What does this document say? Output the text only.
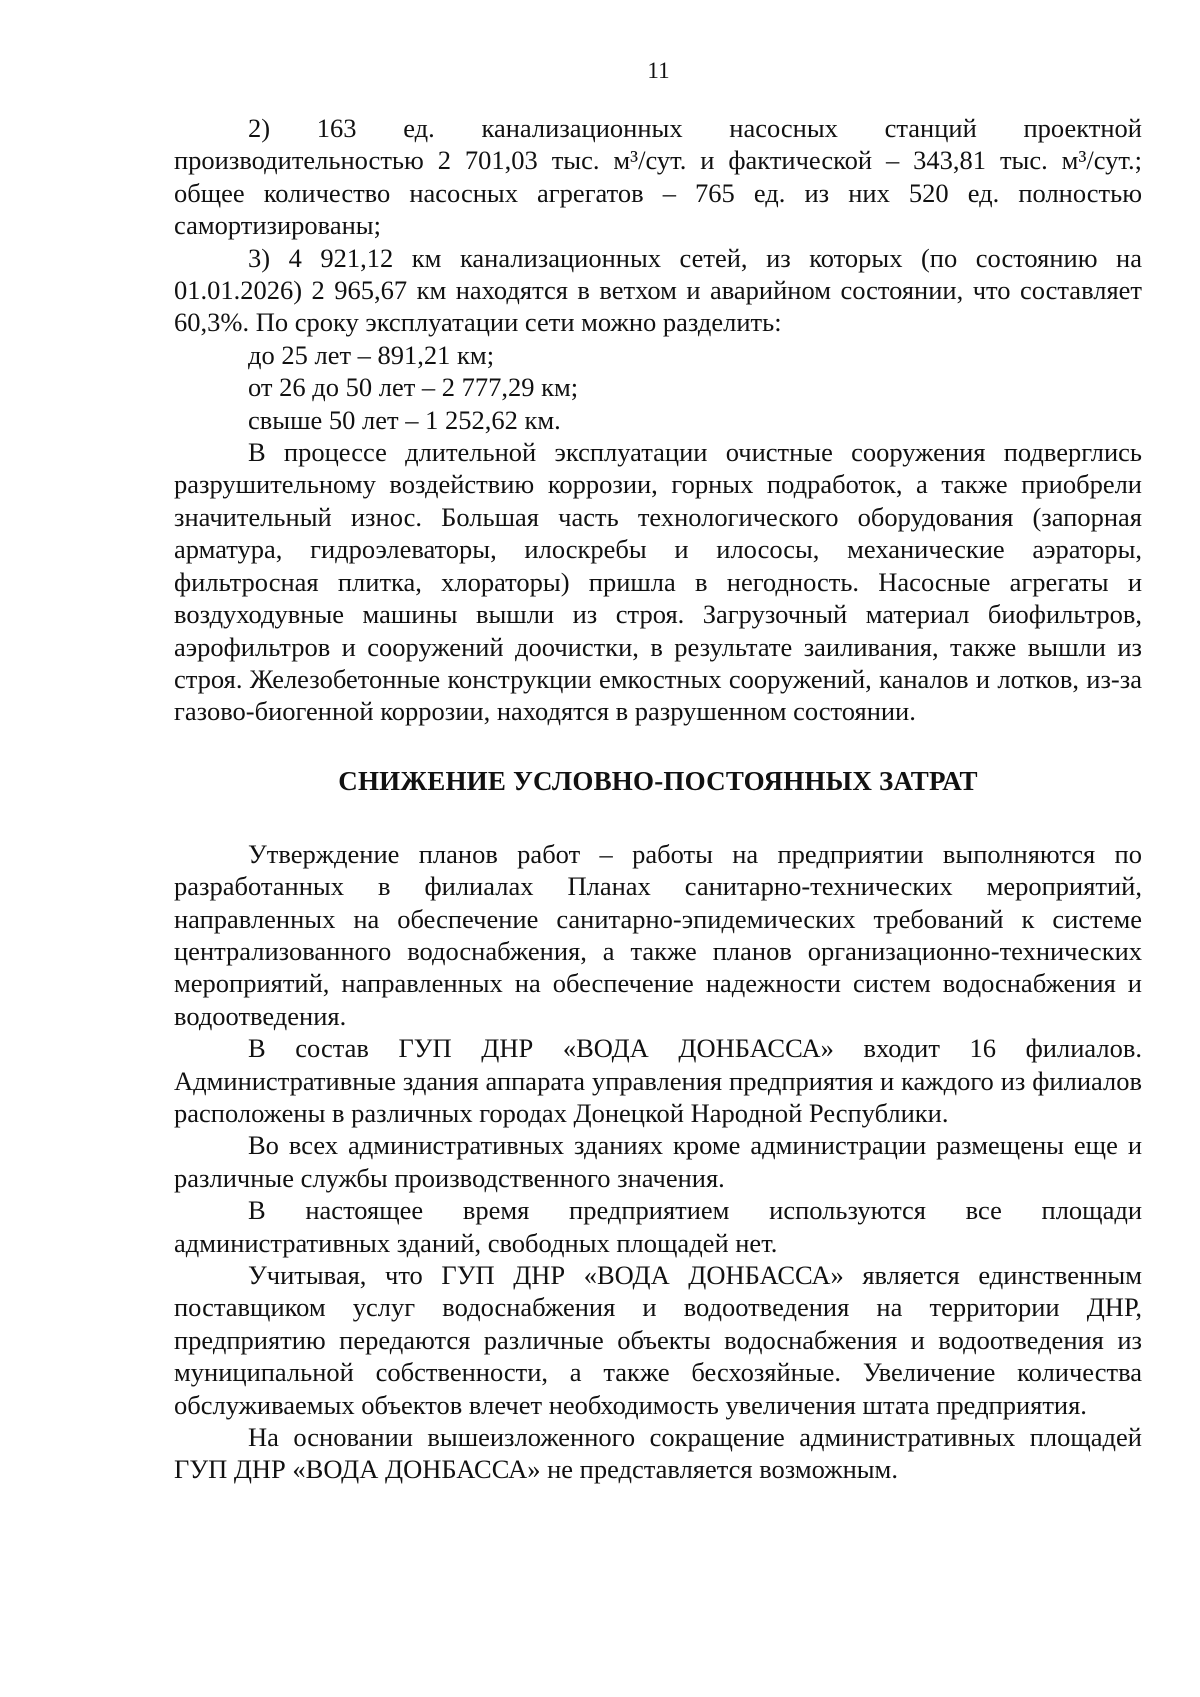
11

2) 163 ед. канализационных насосных станций проектной производительностью 2 701,03 тыс. м³/сут. и фактической – 343,81 тыс. м³/сут.; общее количество насосных агрегатов – 765 ед. из них 520 ед. полностью самортизированы;

3) 4 921,12 км канализационных сетей, из которых (по состоянию на 01.01.2026) 2 965,67 км находятся в ветхом и аварийном состоянии, что составляет 60,3%. По сроку эксплуатации сети можно разделить:

до 25 лет – 891,21 км;

от 26 до 50 лет – 2 777,29 км;

свыше 50 лет – 1 252,62 км.

В процессе длительной эксплуатации очистные сооружения подверглись разрушительному воздействию коррозии, горных подработок, а также приобрели значительный износ. Большая часть технологического оборудования (запорная арматура, гидроэлеваторы, илоскребы и илососы, механические аэраторы, фильтросная плитка, хлораторы) пришла в негодность. Насосные агрегаты и воздуходувные машины вышли из строя. Загрузочный материал биофильтров, аэрофильтров и сооружений доочистки, в результате заиливания, также вышли из строя. Железобетонные конструкции емкостных сооружений, каналов и лотков, из-за газово-биогенной коррозии, находятся в разрушенном состоянии.

СНИЖЕНИЕ УСЛОВНО-ПОСТОЯННЫХ ЗАТРАТ

Утверждение планов работ – работы на предприятии выполняются по разработанных в филиалах Планах санитарно-технических мероприятий, направленных на обеспечение санитарно-эпидемических требований к системе централизованного водоснабжения, а также планов организационно-технических мероприятий, направленных на обеспечение надежности систем водоснабжения и водоотведения.

В состав ГУП ДНР «ВОДА ДОНБАССА» входит 16 филиалов. Административные здания аппарата управления предприятия и каждого из филиалов расположены в различных городах Донецкой Народной Республики.

Во всех административных зданиях кроме администрации размещены еще и различные службы производственного значения.

В настоящее время предприятием используются все площади административных зданий, свободных площадей нет.

Учитывая, что ГУП ДНР «ВОДА ДОНБАССА» является единственным поставщиком услуг водоснабжения и водоотведения на территории ДНР, предприятию передаются различные объекты водоснабжения и водоотведения из муниципальной собственности, а также бесхозяйные. Увеличение количества обслуживаемых объектов влечет необходимость увеличения штата предприятия.

На основании вышеизложенного сокращение административных площадей ГУП ДНР «ВОДА ДОНБАССА» не представляется возможным.
